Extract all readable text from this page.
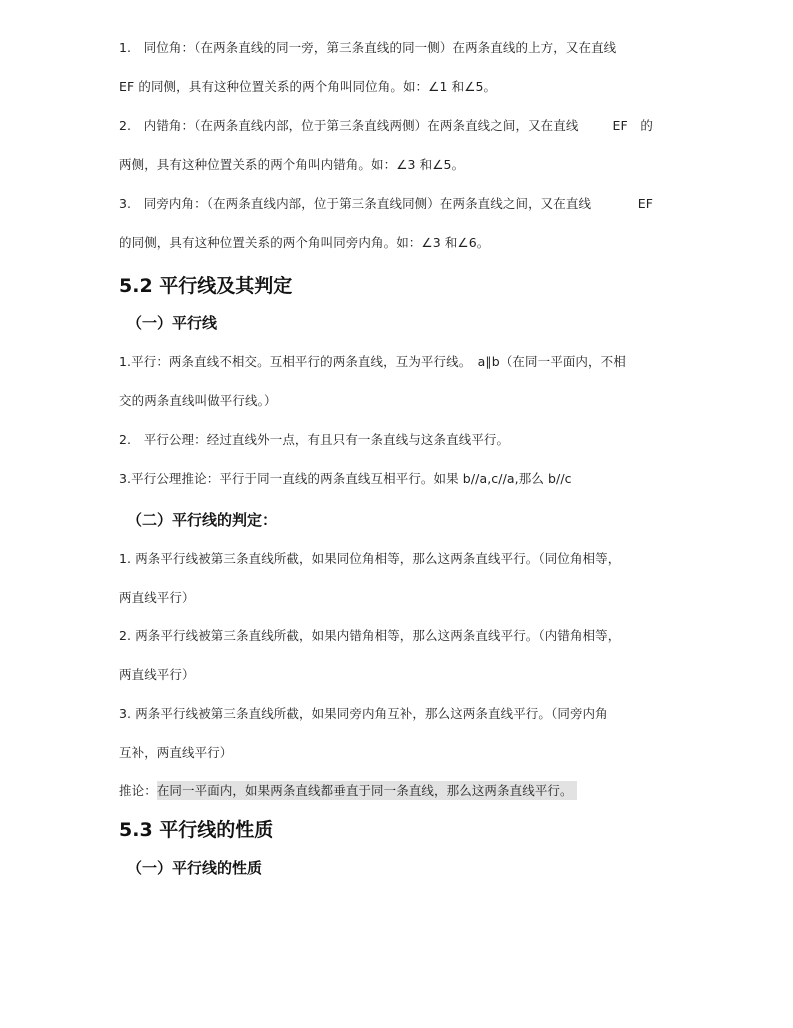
1.　同位角：（在两条直线的同一旁，第三条直线的同一侧）在两条直线的上方，又在直线
EF 的同侧，具有这种位置关系的两个角叫同位角。如：∠1 和∠5。
2.　内错角：（在两条直线内部，位于第三条直线两侧）在两条直线之间，又在直线	EF　的
两侧，具有这种位置关系的两个角叫内错角。如：∠3 和∠5。
3.　同旁内角：（在两条直线内部，位于第三条直线同侧）在两条直线之间，又在直线	EF
的同侧，具有这种位置关系的两个角叫同旁内角。如：∠3 和∠6。
5.2 平行线及其判定
（一）平行线
1.平行：两条直线不相交。互相平行的两条直线，互为平行线。　a∥b（在同一平面内，不相
交的两条直线叫做平行线。）
2.　平行公理：经过直线外一点，有且只有一条直线与这条直线平行。
3.平行公理推论：平行于同一直线的两条直线互相平行。如果 b//a,c//a,那么 b//c
（二）平行线的判定：
1. 两条平行线被第三条直线所截，如果同位角相等，那么这两条直线平行。（同位角相等，
两直线平行）
2. 两条平行线被第三条直线所截，如果内错角相等，那么这两条直线平行。（内错角相等，
两直线平行）
3. 两条平行线被第三条直线所截，如果同旁内角互补，那么这两条直线平行。（同旁内角
互补，两直线平行）
推论：在同一平面内，如果两条直线都垂直于同一条直线，那么这两条直线平行。
5.3 平行线的性质
（一）平行线的性质
